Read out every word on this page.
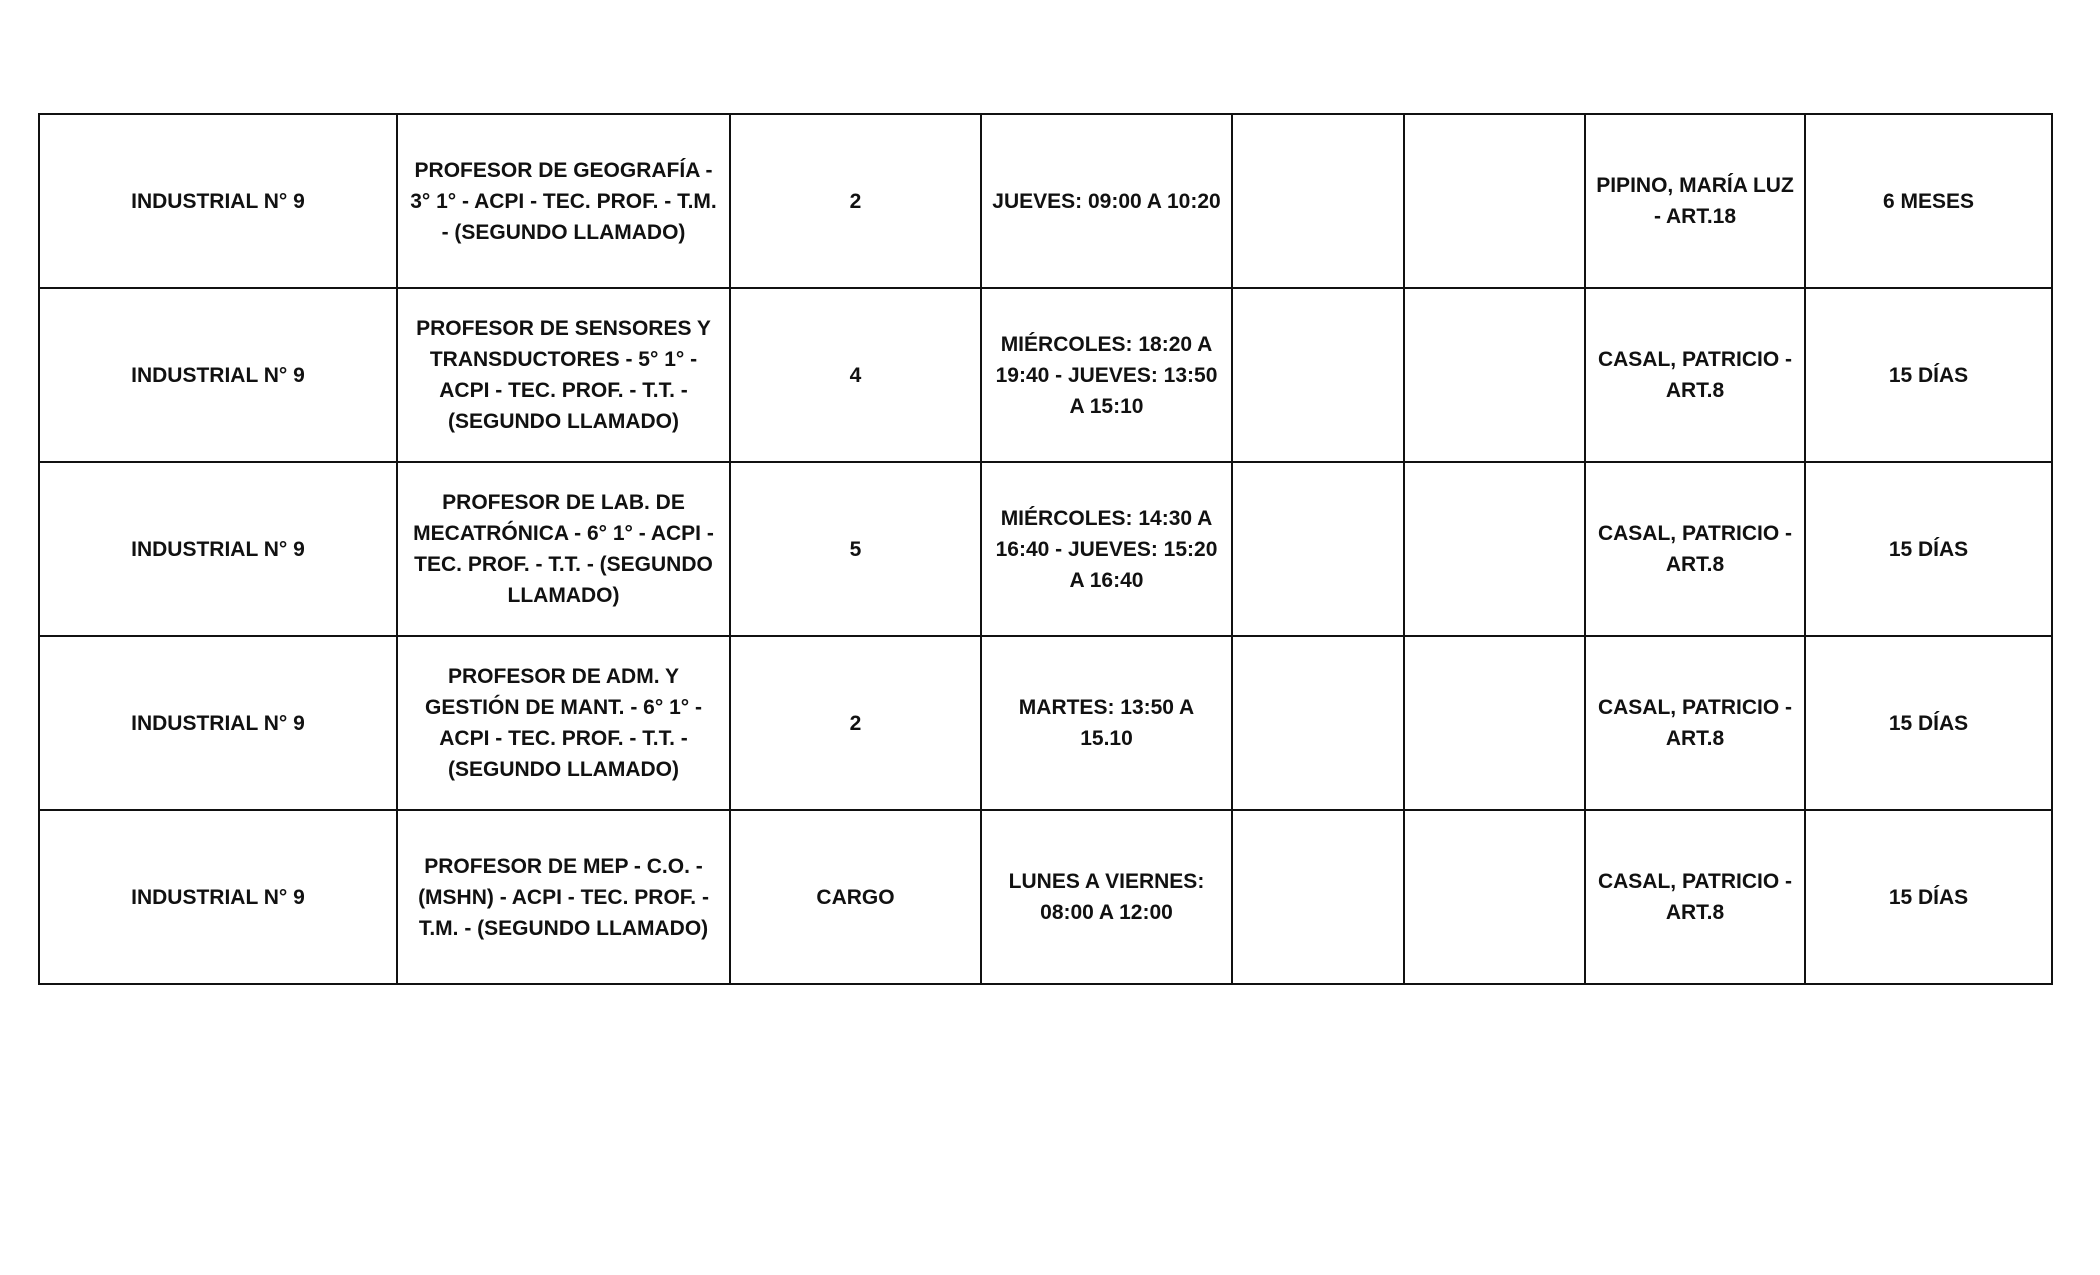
INDUSTRIAL N° 9	PROFESOR DE GEOGRAFÍA - 3° 1° - ACPI - TEC. PROF. - T.M. - (SEGUNDO LLAMADO)	2	JUEVES: 09:00 A 10:20			PIPINO, MARÍA LUZ - ART.18	6 MESES
INDUSTRIAL N° 9	PROFESOR DE SENSORES Y TRANSDUCTORES - 5° 1° - ACPI - TEC. PROF. - T.T. - (SEGUNDO LLAMADO)	4	MIÉRCOLES: 18:20 A 19:40 - JUEVES: 13:50 A 15:10			CASAL, PATRICIO - ART.8	15 DÍAS
INDUSTRIAL N° 9	PROFESOR DE LAB. DE MECATRÓNICA - 6° 1° - ACPI - TEC. PROF. - T.T. - (SEGUNDO LLAMADO)	5	MIÉRCOLES: 14:30 A 16:40 - JUEVES: 15:20 A 16:40			CASAL, PATRICIO - ART.8	15 DÍAS
INDUSTRIAL N° 9	PROFESOR DE ADM. Y GESTIÓN DE MANT. - 6° 1° - ACPI - TEC. PROF. - T.T. - (SEGUNDO LLAMADO)	2	MARTES: 13:50 A 15.10			CASAL, PATRICIO - ART.8	15 DÍAS
INDUSTRIAL N° 9	PROFESOR DE MEP - C.O. - (MSHN) - ACPI - TEC. PROF. - T.M. - (SEGUNDO LLAMADO)	CARGO	LUNES A VIERNES: 08:00 A 12:00			CASAL, PATRICIO - ART.8	15 DÍAS
